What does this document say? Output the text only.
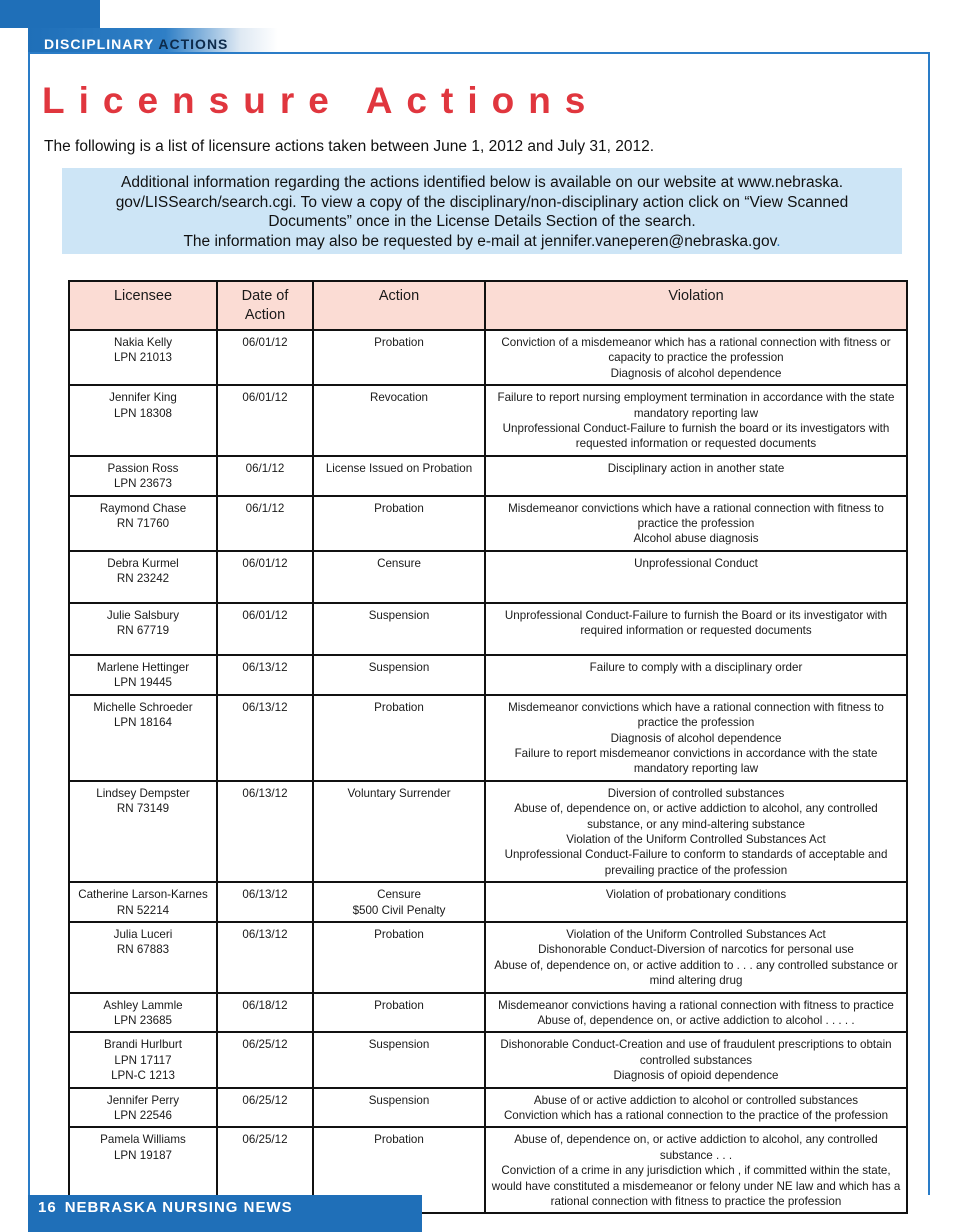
DISCIPLINARY ACTIONS
Licensure Actions
The following is a list of licensure actions taken between June 1, 2012 and July 31, 2012.

Additional information regarding the actions identified below is available on our website at www.nebraska.

gov/LISSearch/search.cgi. To view a copy of the disciplinary/non-disciplinary action click on “View Scanned

Documents” once in the License Details Section of the search.

The information may also be requested by e-mail at jennifer.vaneperen@nebraska.gov.

Licensee	Date of Action	Action	Violation

Nakia Kelly
LPN 21013	06/01/12	Probation	Conviction of a misdemeanor which has a rational connection with fitness or capacity to practice the profession
Diagnosis of alcohol dependence

Jennifer King
LPN 18308	06/01/12	Revocation	Failure to report nursing employment termination in accordance with the state mandatory reporting law
Unprofessional Conduct-Failure to furnish the board or its investigators with requested information or requested documents

Passion Ross
LPN 23673	06/1/12	License Issued on Probation	Disciplinary action in another state

Raymond Chase
RN 71760	06/1/12	Probation	Misdemeanor convictions which have a rational connection with fitness to practice the profession
Alcohol abuse diagnosis

Debra Kurmel
RN 23242	06/01/12	Censure	Unprofessional Conduct

Julie Salsbury
RN 67719	06/01/12	Suspension	Unprofessional Conduct-Failure to furnish the Board or its investigator with required information or requested documents

Marlene Hettinger
LPN 19445	06/13/12	Suspension	Failure to comply with a disciplinary order

Michelle Schroeder
LPN 18164	06/13/12	Probation	Misdemeanor convictions which have a rational connection with fitness to practice the profession
Diagnosis of alcohol dependence
Failure to report misdemeanor convictions in accordance with the state mandatory reporting law

Lindsey Dempster
RN 73149	06/13/12	Voluntary Surrender	Diversion of controlled substances
Abuse of, dependence on, or active addiction to alcohol, any controlled substance, or any mind-altering substance
Violation of the Uniform Controlled Substances Act
Unprofessional Conduct-Failure to conform to standards of acceptable and prevailing practice of the profession

Catherine Larson-Karnes
RN 52214	06/13/12	Censure
$500 Civil Penalty	Violation of probationary conditions

Julia Luceri
RN 67883	06/13/12	Probation	Violation of the Uniform Controlled Substances Act
Dishonorable Conduct-Diversion of narcotics for personal use
Abuse of, dependence on, or active addition to . . . any controlled substance or mind altering drug

Ashley Lammle
LPN 23685	06/18/12	Probation	Misdemeanor convictions having a rational connection with fitness to practice
Abuse of, dependence on, or active addiction to alcohol . . . . .

Brandi Hurlburt
LPN 17117
LPN-C 1213	06/25/12	Suspension	Dishonorable Conduct-Creation and use of fraudulent prescriptions to obtain controlled substances
Diagnosis of opioid dependence

Jennifer Perry
LPN 22546	06/25/12	Suspension	Abuse of or active addiction to alcohol or controlled substances
Conviction which has a rational connection to the practice of the profession

Pamela Williams
LPN 19187	06/25/12	Probation	Abuse of, dependence on, or active addiction to alcohol, any controlled substance . . .
Conviction of a crime in any jurisdiction which , if committed within the state, would have constituted a misdemeanor or felony under NE law and which has a rational connection with fitness to practice the profession
16 NEBRASKA NURSING NEWS
